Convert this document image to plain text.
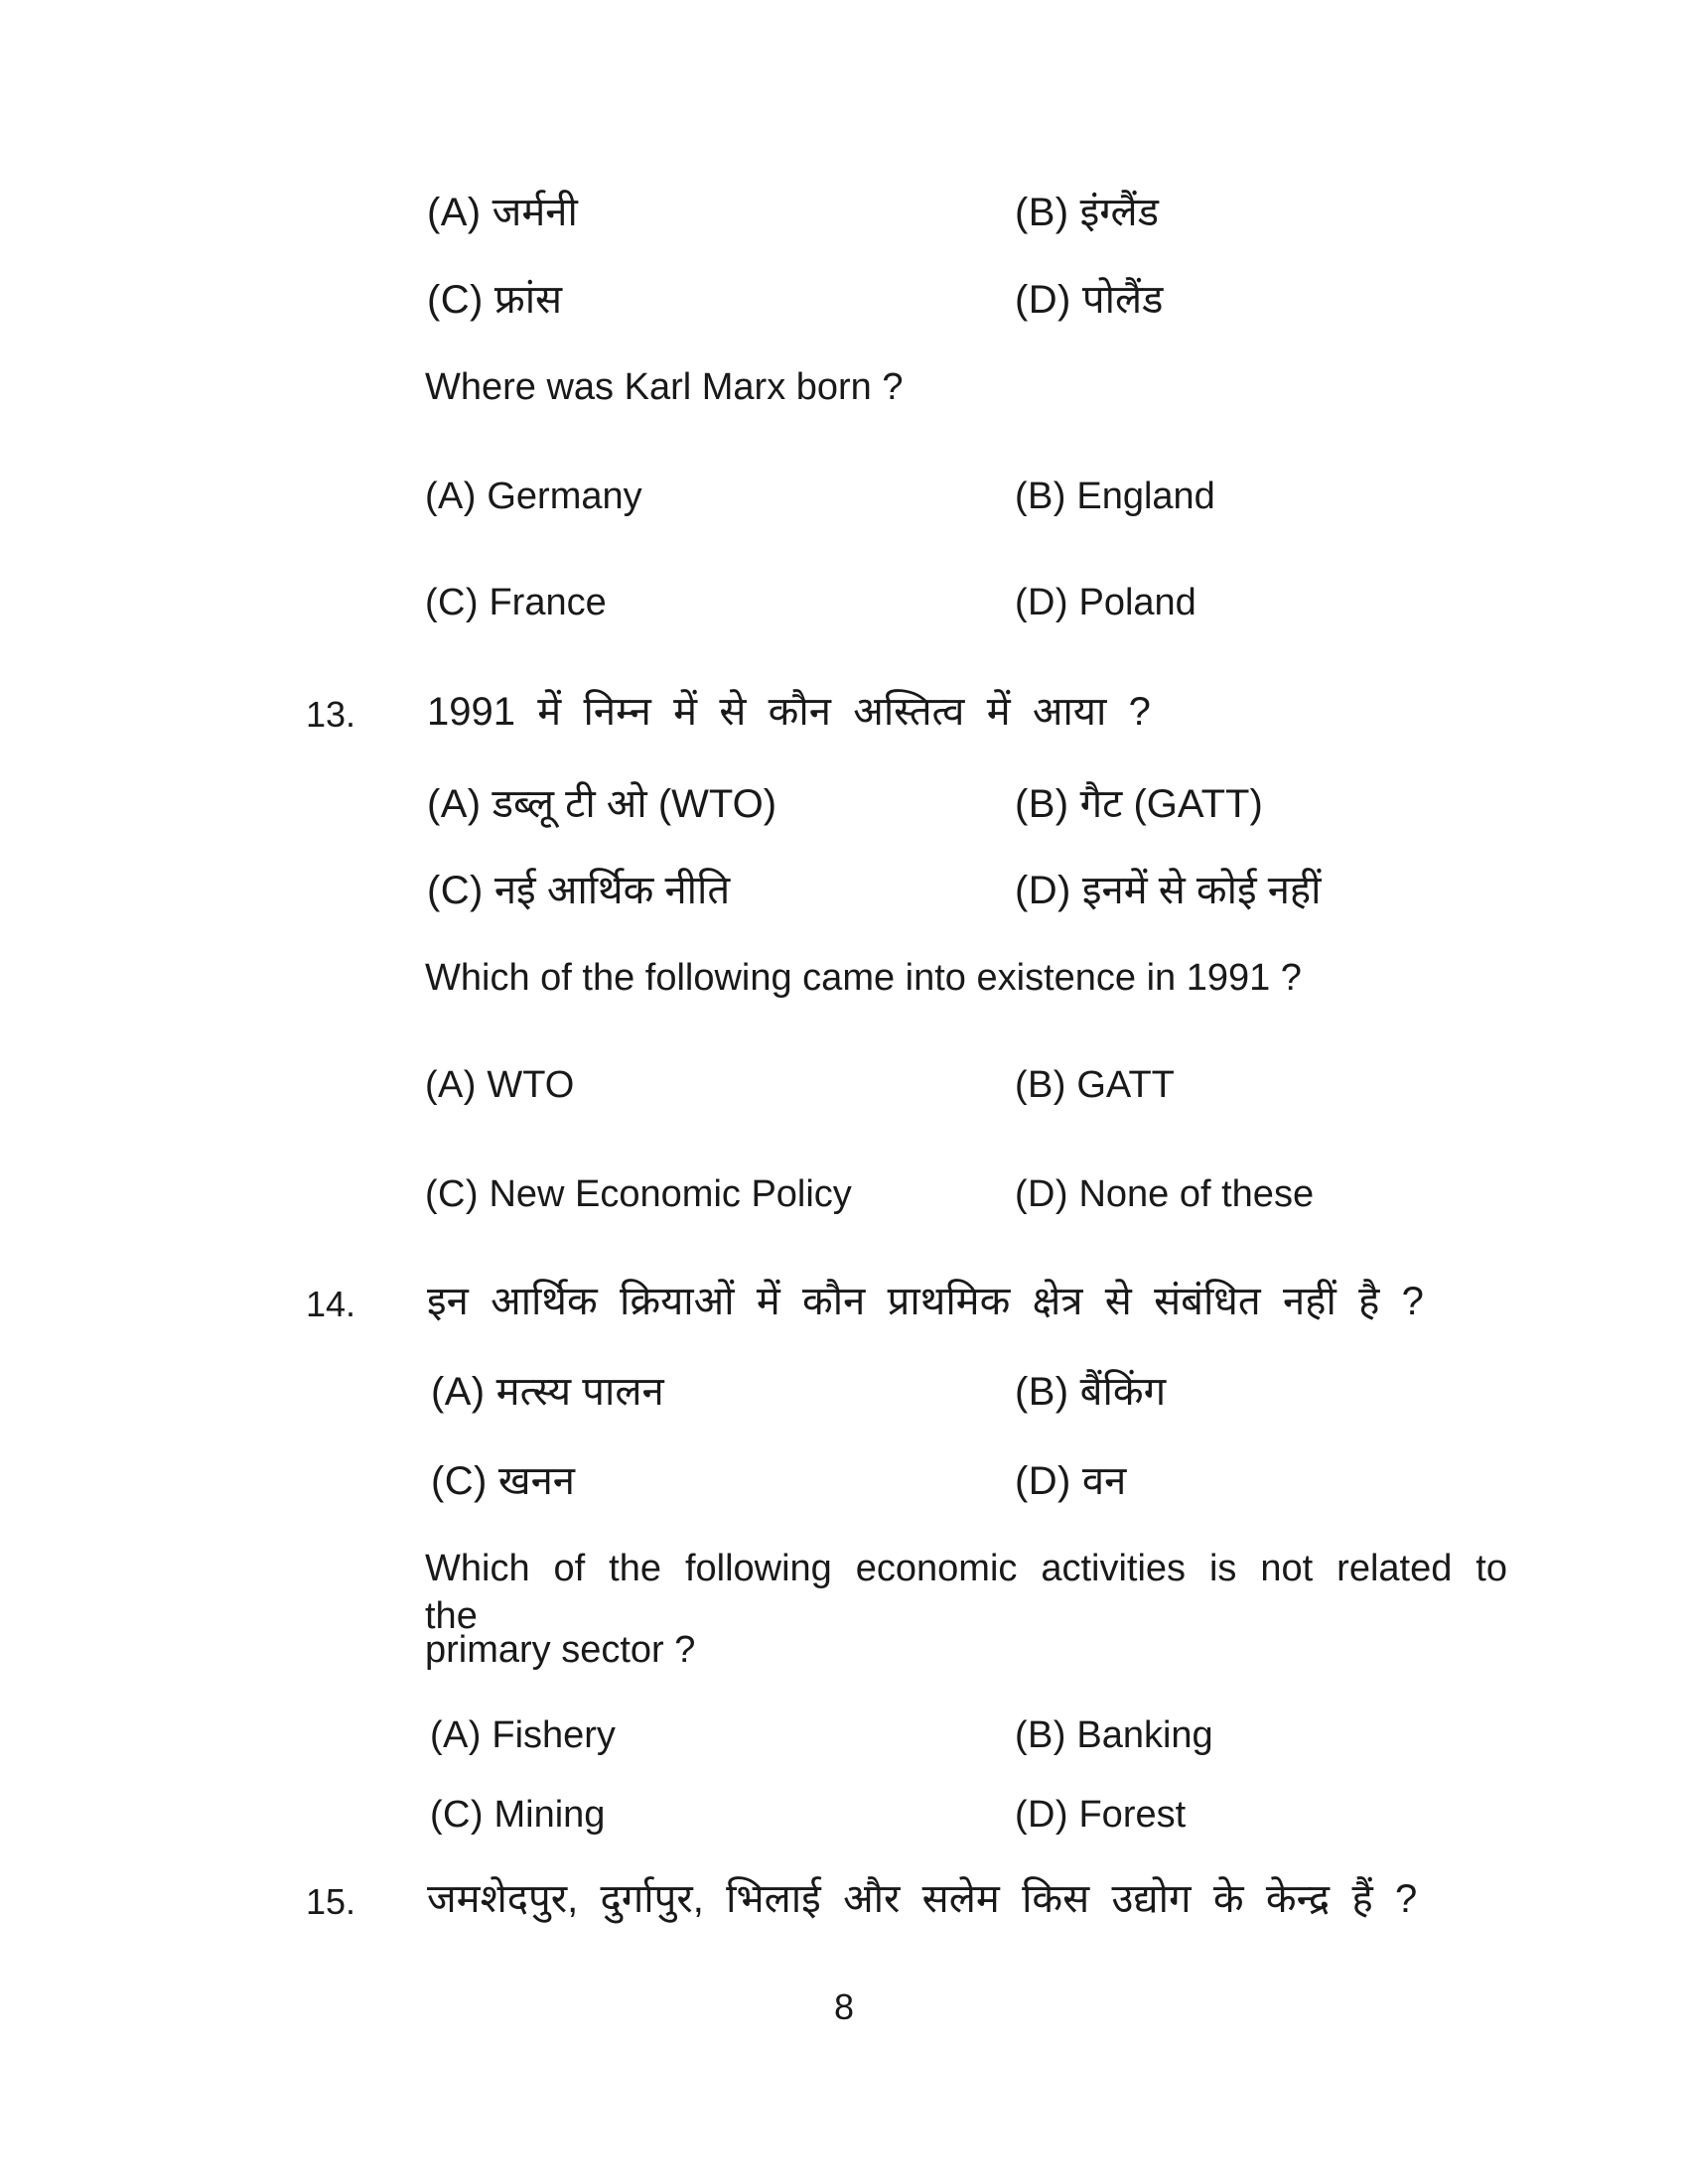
(A) जर्मनी	(B) इंग्लैंड
(C) फ्रांस	(D) पोलैंड
Where was Karl Marx born ?
(A) Germany	(B) England
(C) France	(D) Poland
13. 1991 में निम्न में से कौन अस्तित्व में आया ?
(A) डब्लू टी ओ (WTO)	(B) गैट (GATT)
(C) नई आर्थिक नीति	(D) इनमें से कोई नहीं
Which of the following came into existence in 1991 ?
(A) WTO	(B) GATT
(C) New Economic Policy	(D) None of these
14. इन आर्थिक क्रियाओं में कौन प्राथमिक क्षेत्र से संबंधित नहीं है ?
(A) मत्स्य पालन	(B) बैंकिंग
(C) खनन	(D) वन
Which of the following economic activities is not related to the
primary sector ?
(A) Fishery	(B) Banking
(C) Mining	(D) Forest
15. जमशेदपुर, दुर्गापुर, भिलाई और सलेम किस उद्योग के केन्द्र हैं ?
8
